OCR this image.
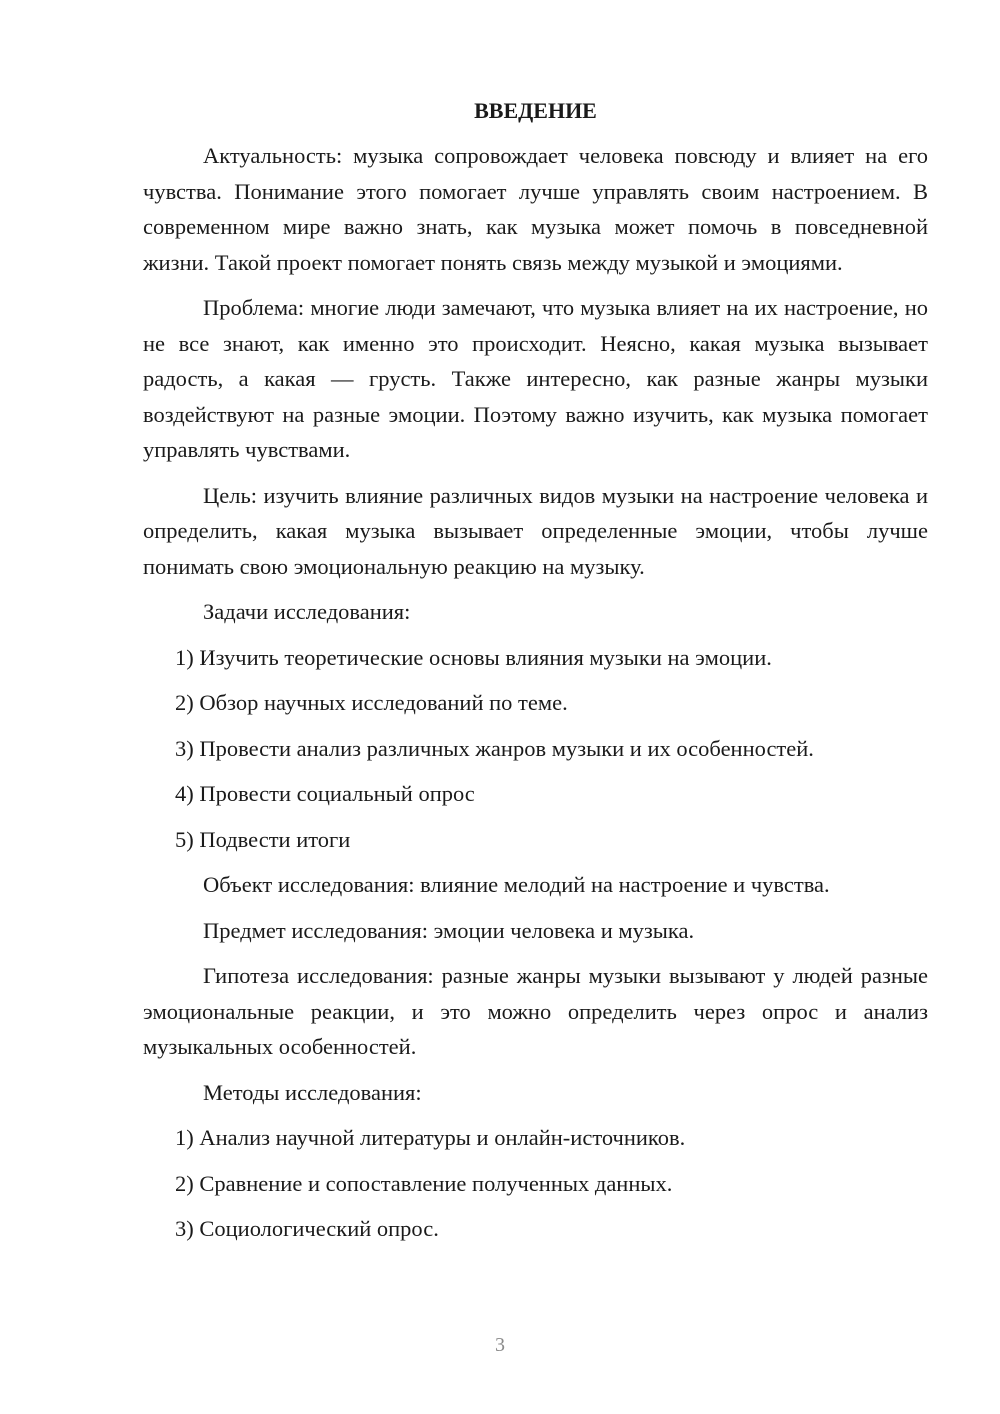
ВВЕДЕНИЕ

Актуальность: музыка сопровождает человека повсюду и влияет на его чувства. Понимание этого помогает лучше управлять своим настроением. В современном мире важно знать, как музыка может помочь в повседневной жизни. Такой проект помогает понять связь между музыкой и эмоциями.

Проблема: многие люди замечают, что музыка влияет на их настроение, но не все знают, как именно это происходит. Неясно, какая музыка вызывает радость, а какая — грусть. Также интересно, как разные жанры музыки воздействуют на разные эмоции. Поэтому важно изучить, как музыка помогает управлять чувствами.

Цель: изучить влияние различных видов музыки на настроение человека и определить, какая музыка вызывает определенные эмоции, чтобы лучше понимать свою эмоциональную реакцию на музыку.

Задачи исследования:

1) Изучить теоретические основы влияния музыки на эмоции.

2) Обзор научных исследований по теме.

3) Провести анализ различных жанров музыки и их особенностей.

4) Провести социальный опрос

5) Подвести итоги

Объект исследования: влияние мелодий на настроение и чувства.

Предмет исследования: эмоции человека и музыка.

Гипотеза исследования: разные жанры музыки вызывают у людей разные эмоциональные реакции, и это можно определить через опрос и анализ музыкальных особенностей.

Методы исследования:

1) Анализ научной литературы и онлайн-источников.

2) Сравнение и сопоставление полученных данных.

3) Социологический опрос.

3
